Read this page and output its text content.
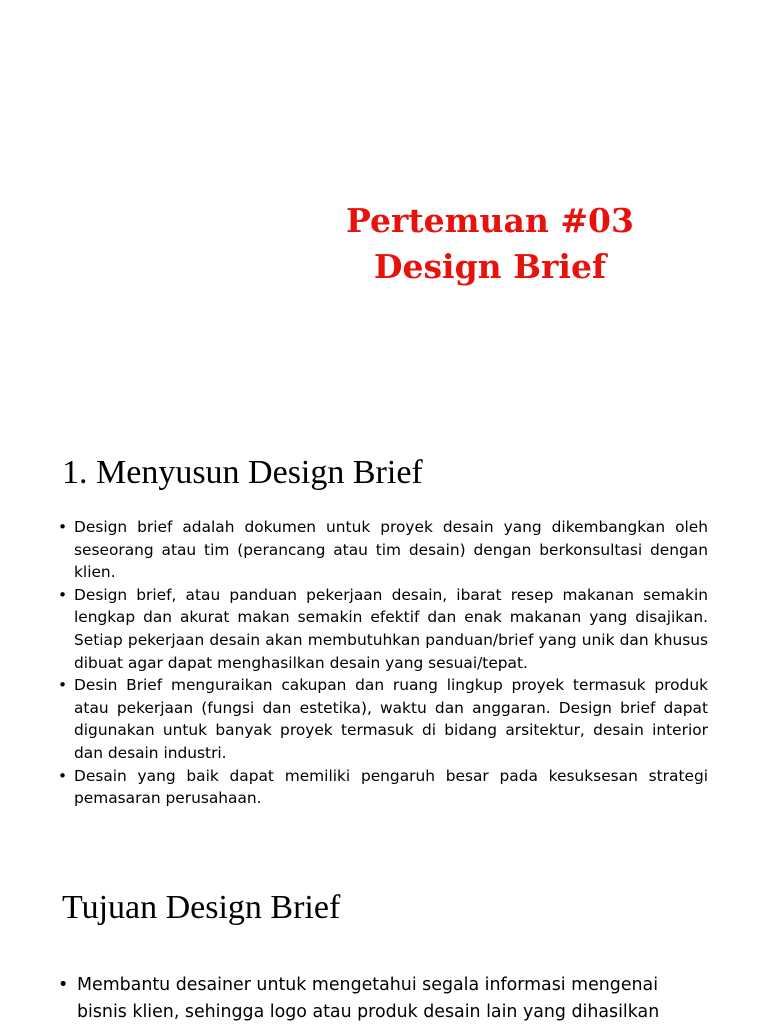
Pertemuan #03
Design Brief
1. Menyusun Design Brief
• Design brief adalah dokumen untuk proyek desain yang dikembangkan oleh seseorang atau tim (perancang atau tim desain) dengan berkonsultasi dengan klien.
• Design brief, atau panduan pekerjaan desain, ibarat resep makanan semakin lengkap dan akurat makan semakin efektif dan enak makanan yang disajikan. Setiap pekerjaan desain akan membutuhkan panduan/brief yang unik dan khusus dibuat agar dapat menghasilkan desain yang sesuai/tepat.
• Desin Brief menguraikan cakupan dan ruang lingkup proyek termasuk produk atau pekerjaan (fungsi dan estetika), waktu dan anggaran. Design brief dapat digunakan untuk banyak proyek termasuk di bidang arsitektur, desain interior dan desain industri.
• Desain yang baik dapat memiliki pengaruh besar pada kesuksesan strategi pemasaran perusahaan.
Tujuan Design Brief
• Membantu desainer untuk mengetahui segala informasi mengenai
bisnis klien, sehingga logo atau produk desain lain yang dihasilkan
